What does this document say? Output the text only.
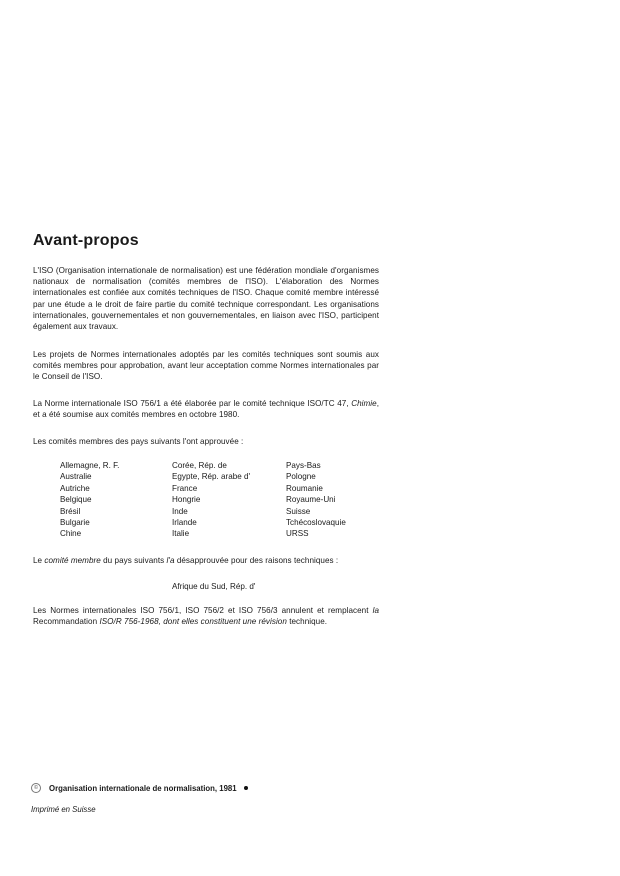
Avant-propos

L'ISO (Organisation internationale de normalisation) est une fédération mondiale d'organismes nationaux de normalisation (comités membres de l'ISO). L'élaboration des Normes internationales est confiée aux comités techniques de l'ISO. Chaque comité membre intéressé par une étude a le droit de faire partie du comité technique correspondant. Les organisations internationales, gouvernementales et non gouvernementales, en liaison avec l'ISO, participent également aux travaux.

Les projets de Normes internationales adoptés par les comités techniques sont soumis aux comités membres pour approbation, avant leur acceptation comme Normes internationales par le Conseil de l'ISO.

La Norme internationale ISO 756/1 a été élaborée par le comité technique ISO/TC 47, Chimie, et a été soumise aux comités membres en octobre 1980.

Les comités membres des pays suivants l'ont approuvée :

Allemagne, R. F.
Australie
Autriche
Belgique
Brésil
Bulgarie
Chine
Corée, Rép. de
Egypte, Rép. arabe d'
France
Hongrie
Inde
Irlande
Italie
Pays-Bas
Pologne
Roumanie
Royaume-Uni
Suisse
Tchécoslovaquie
URSS

Le comité membre du pays suivants l'a désapprouvée pour des raisons techniques :

Afrique du Sud, Rép. d'

Les Normes internationales ISO 756/1, ISO 756/2 et ISO 756/3 annulent et remplacent la Recommandation ISO/R 756-1968, dont elles constituent une révision technique.

©	Organisation internationale de normalisation, 1981
Imprimé en Suisse
